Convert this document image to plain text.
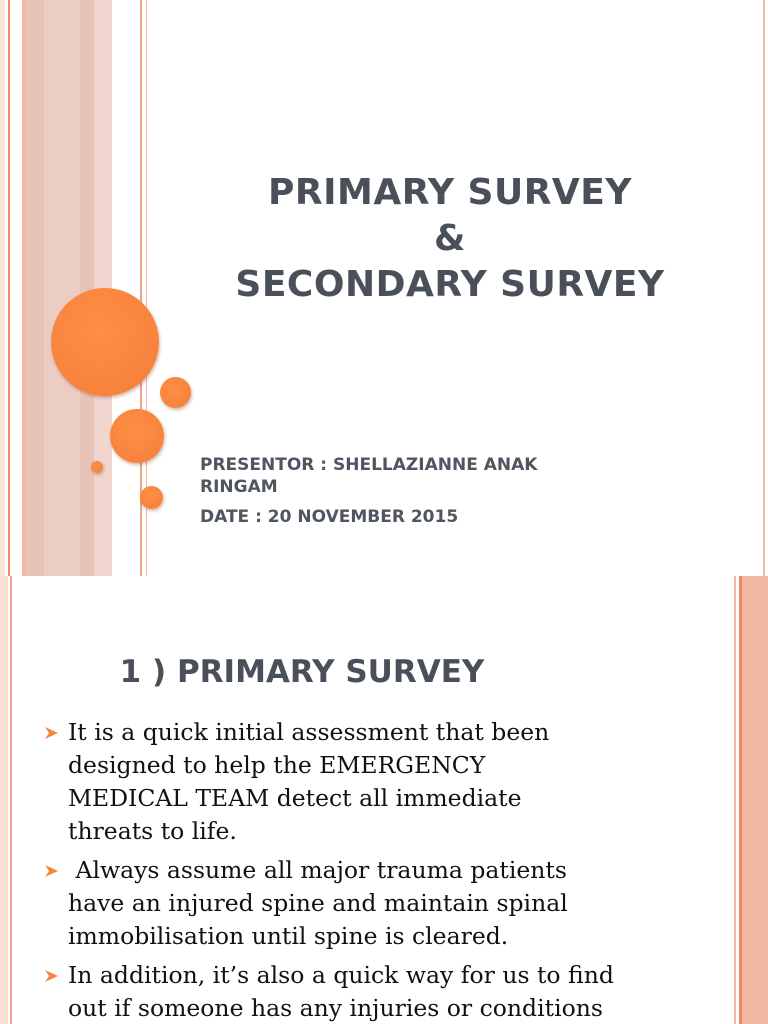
PRIMARY SURVEY
&
SECONDARY SURVEY
PRESENTOR : SHELLAZIANNE ANAK
RINGAM
DATE : 20 NOVEMBER 2015
1 ) PRIMARY SURVEY
It is a quick initial assessment that been
designed to help the EMERGENCY
MEDICAL TEAM detect all immediate
threats to life.
Always assume all major trauma patients
have an injured spine and maintain spinal
immobilisation until spine is cleared.
In addition, it’s also a quick way for us to find
out if someone has any injuries or conditions
